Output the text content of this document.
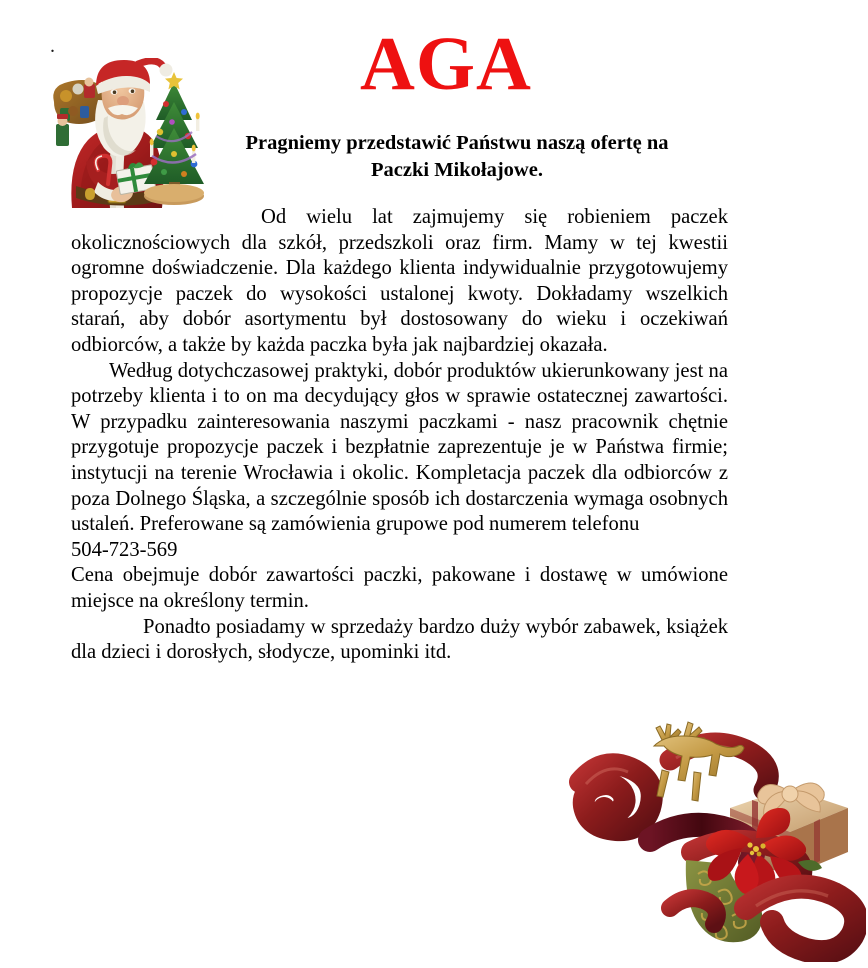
.	AGA
Pragniemy przedstawić Państwu naszą ofertę na
Paczki Mikołajowe.

Od wielu lat zajmujemy się robieniem paczek okolicznościowych dla szkół, przedszkoli oraz firm. Mamy w tej kwestii ogromne doświadczenie. Dla każdego klienta indywidualnie przygotowujemy propozycje paczek do wysokości ustalonej kwoty. Dokładamy wszelkich starań, aby dobór asortymentu był dostosowany do wieku i oczekiwań odbiorców, a także by każda paczka była jak najbardziej okazała.

Według dotychczasowej praktyki, dobór produktów ukierunkowany jest na potrzeby klienta i to on ma decydujący głos w sprawie ostatecznej zawartości. W przypadku zainteresowania naszymi paczkami - nasz pracownik chętnie przygotuje propozycje paczek i bezpłatnie zaprezentuje je w Państwa firmie; instytucji na terenie Wrocławia i okolic. Kompletacja paczek dla odbiorców z poza Dolnego Śląska, a szczególnie sposób ich dostarczenia wymaga osobnych ustaleń. Preferowane są zamówienia grupowe pod numerem telefonu

504-723-569

Cena obejmuje dobór zawartości paczki, pakowane i dostawę w umówione miejsce na określony termin.

Ponadto posiadamy w sprzedaży bardzo duży wybór zabawek, książek dla dzieci i dorosłych, słodycze, upominki itd.
